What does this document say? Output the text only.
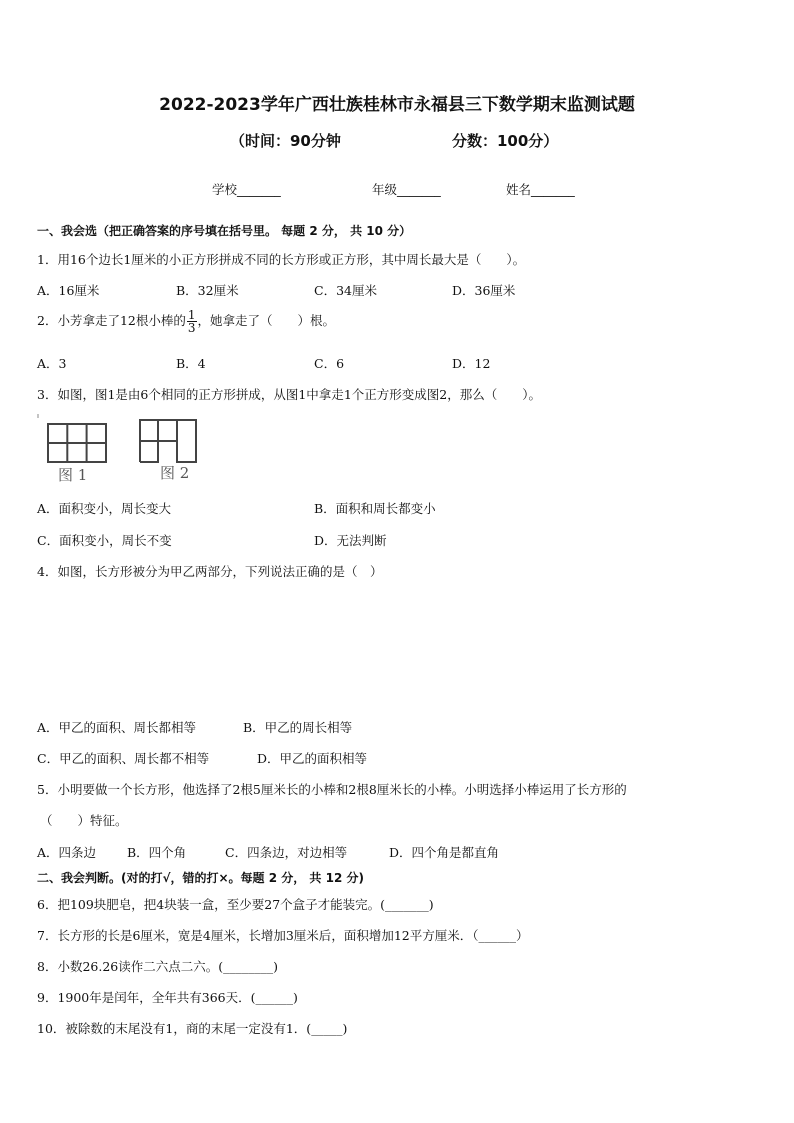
2022-2023学年广西壮族桂林市永福县三下数学期末监测试题
（时间：90分钟	分数：100分）
学校_______	年级_______	姓名_______
一、我会选（把正确答案的序号填在括号里。 每题 2 分， 共 10 分）
1．用16个边长1厘米的小正方形拼成不同的长方形或正方形，其中周长最大是（　　）。
A．16厘米	B．32厘米	C．34厘米	D．36厘米
2．小芳拿走了12根小棒的 $\frac{1}{3}$ ，她拿走了（　　）根。
A．3	B．4	C．6	D．12
3．如图，图1是由6个相同的正方形拼成，从图1中拿走1个正方形变成图2，那么（　　）。
图 1	图 2
A．面积变小，周长变大	B．面积和周长都变小
C．面积变小，周长不变	D．无法判断
4．如图，长方形被分为甲乙两部分，下列说法正确的是（　）
A．甲乙的面积、周长都相等	B．甲乙的周长相等
C．甲乙的面积、周长都不相等	D．甲乙的面积相等
5．小明要做一个长方形，他选择了2根5厘米长的小棒和2根8厘米长的小棒。小明选择小棒运用了长方形的
（　　）特征。
A．四条边 B．四个角	C．四条边，对边相等	D．四个角是都直角
二、我会判断。(对的打√，错的打×。每题 2 分， 共 12 分)
6．把109块肥皂，把4块装一盒，至少要27个盒子才能装完。(_______)
7．长方形的长是6厘米，宽是4厘米，长增加3厘米后，面积增加12平方厘米．（______）
8．小数26.26读作二六点二六。(________)
9．1900年是闰年，全年共有366天．(______)
10．被除数的末尾没有1，商的末尾一定没有1．(_____)
